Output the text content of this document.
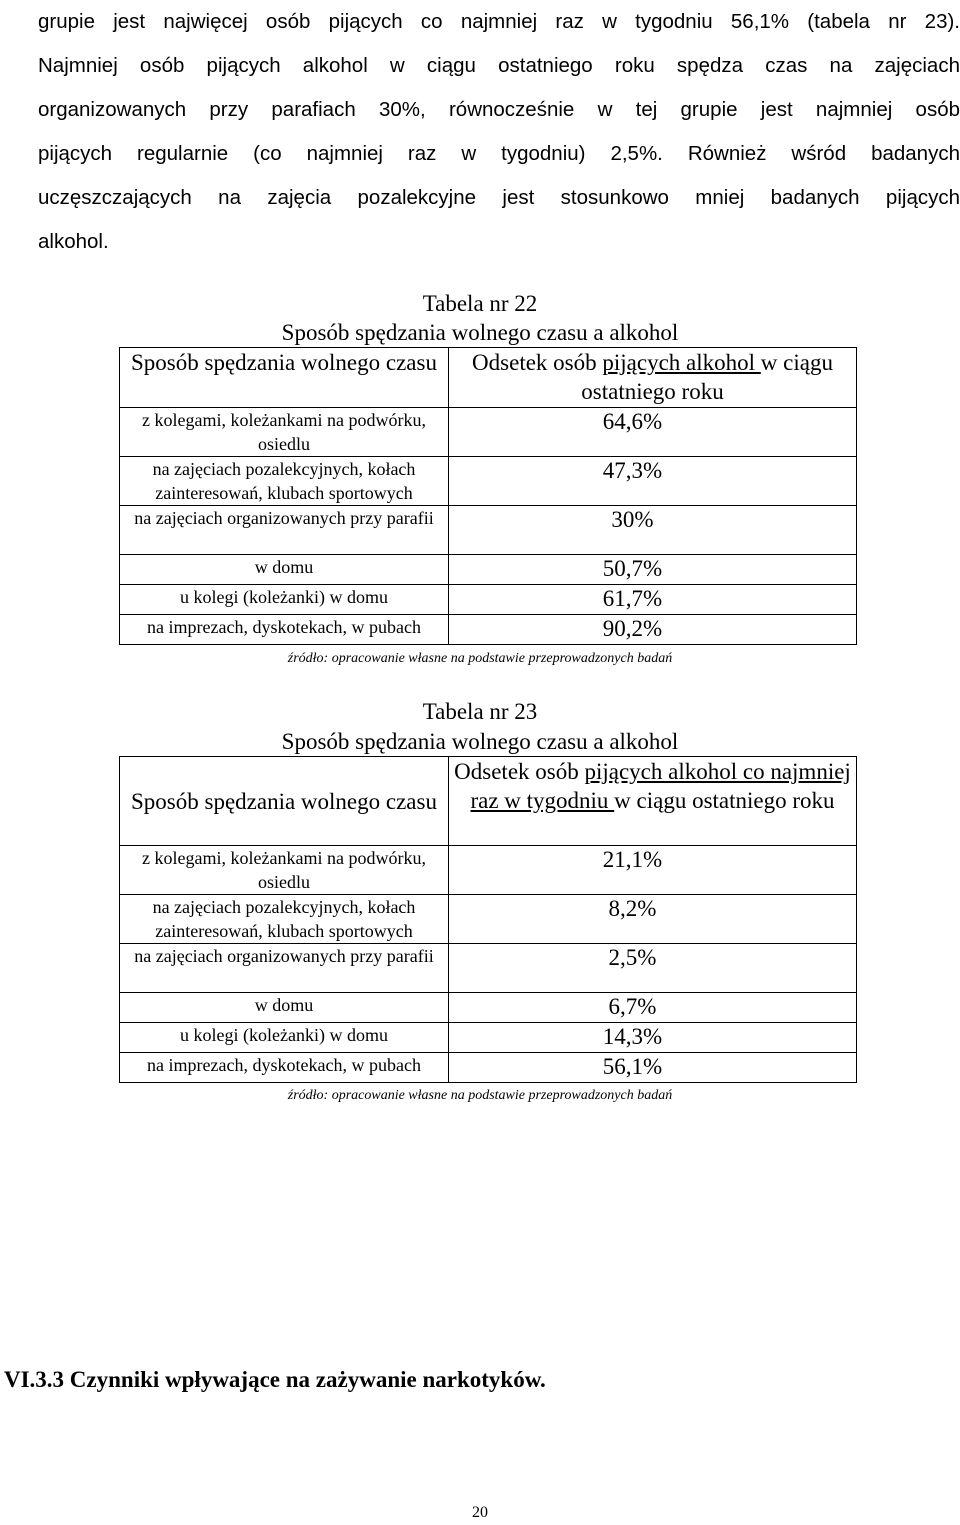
grupie jest najwięcej osób pijących co najmniej raz w tygodniu 56,1% (tabela nr 23).
Najmniej osób pijących alkohol w ciągu ostatniego roku spędza czas na zajęciach
organizowanych przy parafiach 30%, równocześnie w tej grupie jest najmniej osób
pijących regularnie (co najmniej raz w tygodniu) 2,5%. Również wśród badanych
uczęszczających na zajęcia pozalekcyjne jest stosunkowo mniej badanych pijących
alkohol.
Tabela nr 22
Sposób spędzania wolnego czasu a alkohol
Sposób spędzania wolnego czasu	Odsetek osób pijących alkohol w ciągu ostatniego roku
z kolegami, koleżankami na podwórku, osiedlu	64,6%
na zajęciach pozalekcyjnych, kołach zainteresowań, klubach sportowych	47,3%
na zajęciach organizowanych przy parafii	30%
w domu	50,7%
u kolegi (koleżanki) w domu	61,7%
na imprezach, dyskotekach, w pubach	90,2%
źródło: opracowanie własne na podstawie przeprowadzonych badań
Tabela nr 23
Sposób spędzania wolnego czasu a alkohol
Sposób spędzania wolnego czasu	Odsetek osób pijących alkohol co najmniej raz w tygodniu w ciągu ostatniego roku
z kolegami, koleżankami na podwórku, osiedlu	21,1%
na zajęciach pozalekcyjnych, kołach zainteresowań, klubach sportowych	8,2%
na zajęciach organizowanych przy parafii	2,5%
w domu	6,7%
u kolegi (koleżanki) w domu	14,3%
na imprezach, dyskotekach, w pubach	56,1%
źródło: opracowanie własne na podstawie przeprowadzonych badań
VI.3.3 Czynniki wpływające na zażywanie narkotyków.
20
